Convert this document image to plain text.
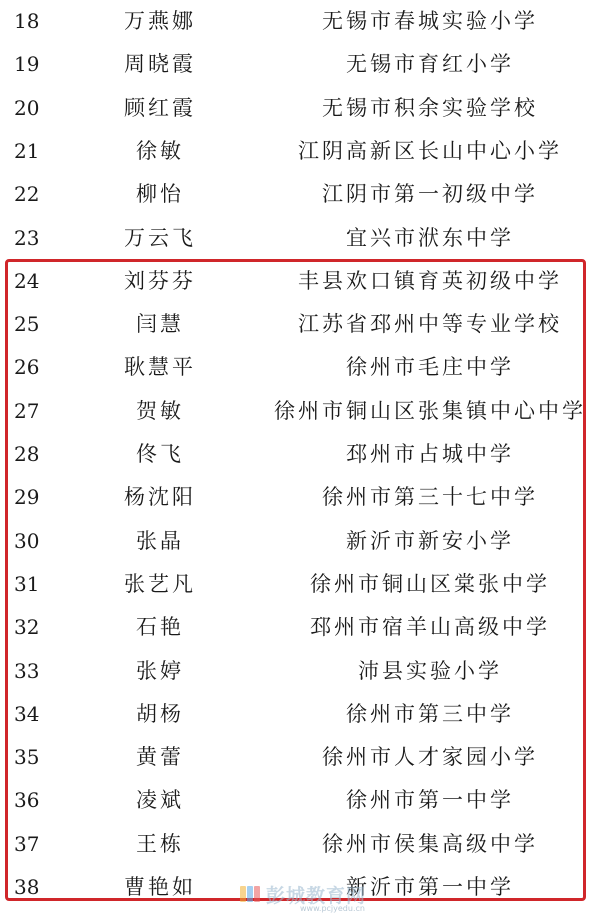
18	万燕娜	无锡市春城实验小学
19	周晓霞	无锡市育红小学
20	顾红霞	无锡市积余实验学校
21	徐敏	江阴高新区长山中心小学
22	柳怡	江阴市第一初级中学
23	万云飞	宜兴市洑东中学
24	刘芬芬	丰县欢口镇育英初级中学
25	闫慧	江苏省邳州中等专业学校
26	耿慧平	徐州市毛庄中学
27	贺敏	徐州市铜山区张集镇中心中学
28	佟飞	邳州市占城中学
29	杨沈阳	徐州市第三十七中学
30	张晶	新沂市新安小学
31	张艺凡	徐州市铜山区棠张中学
32	石艳	邳州市宿羊山高级中学
33	张婷	沛县实验小学
34	胡杨	徐州市第三中学
35	黄蕾	徐州市人才家园小学
36	凌斌	徐州市第一中学
37	王栋	徐州市侯集高级中学
38	曹艳如	新沂市第一中学
彭城教育网
www.pcjyedu.cn
